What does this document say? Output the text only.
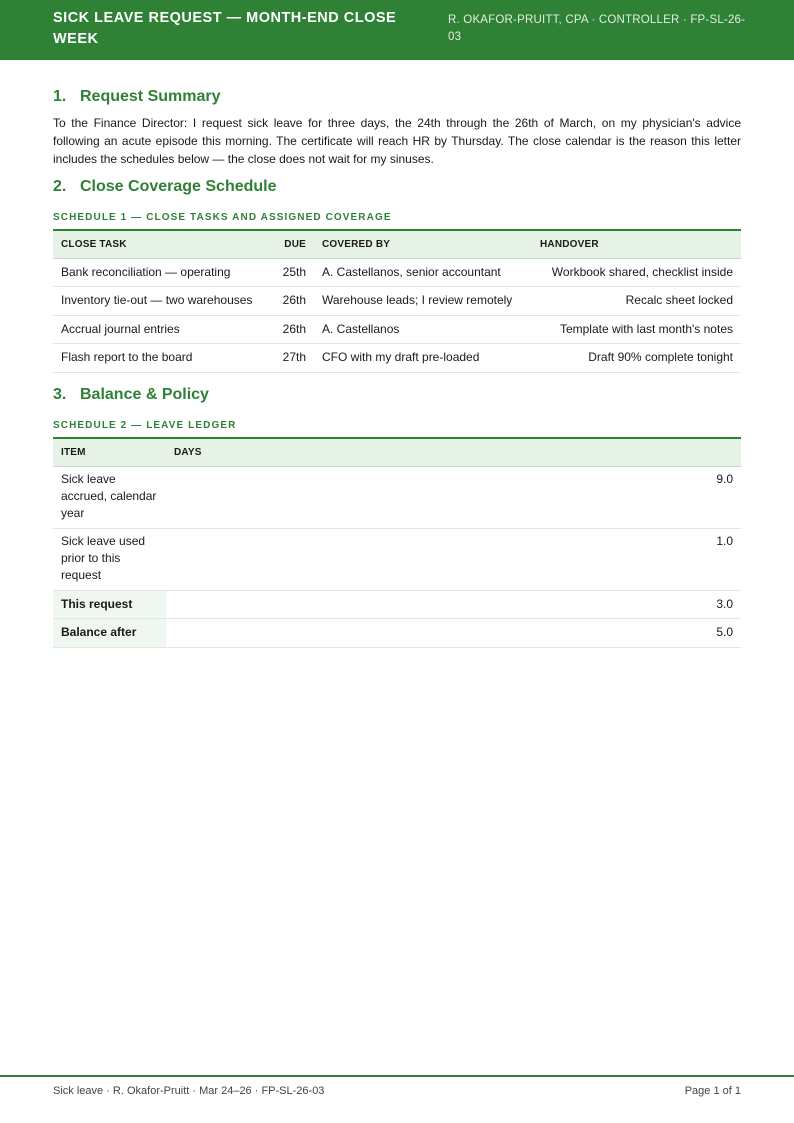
SICK LEAVE REQUEST — MONTH-END CLOSE WEEK
R. OKAFOR-PRUITT, CPA · CONTROLLER · FP-SL-26-03
1. Request Summary

To the Finance Director: I request sick leave for three days, the 24th through the 26th of March, on my physician's advice following an acute episode this morning. The certificate will reach HR by Thursday. The close calendar is the reason this letter includes the schedules below — the close does not wait for my sinuses.

2. Close Coverage Schedule
SCHEDULE 1 — CLOSE TASKS AND ASSIGNED COVERAGE
CLOSE TASK	DUE	COVERED BY	HANDOVER
Bank reconciliation — operating	25th	A. Castellanos, senior accountant	Workbook shared, checklist inside
Inventory tie-out — two warehouses	26th	Warehouse leads; I review remotely	Recalc sheet locked
Accrual journal entries	26th	A. Castellanos	Template with last month's notes
Flash report to the board	27th	CFO with my draft pre-loaded	Draft 90% complete tonight
3. Balance & Policy
SCHEDULE 2 — LEAVE LEDGER
ITEM	DAYS
Sick leave accrued, calendar year	9.0
Sick leave used prior to this request	1.0
This request	3.0
Balance after	5.0
Sick leave · R. Okafor-Pruitt · Mar 24–26 · FP-SL-26-03	Page 1 of 1
